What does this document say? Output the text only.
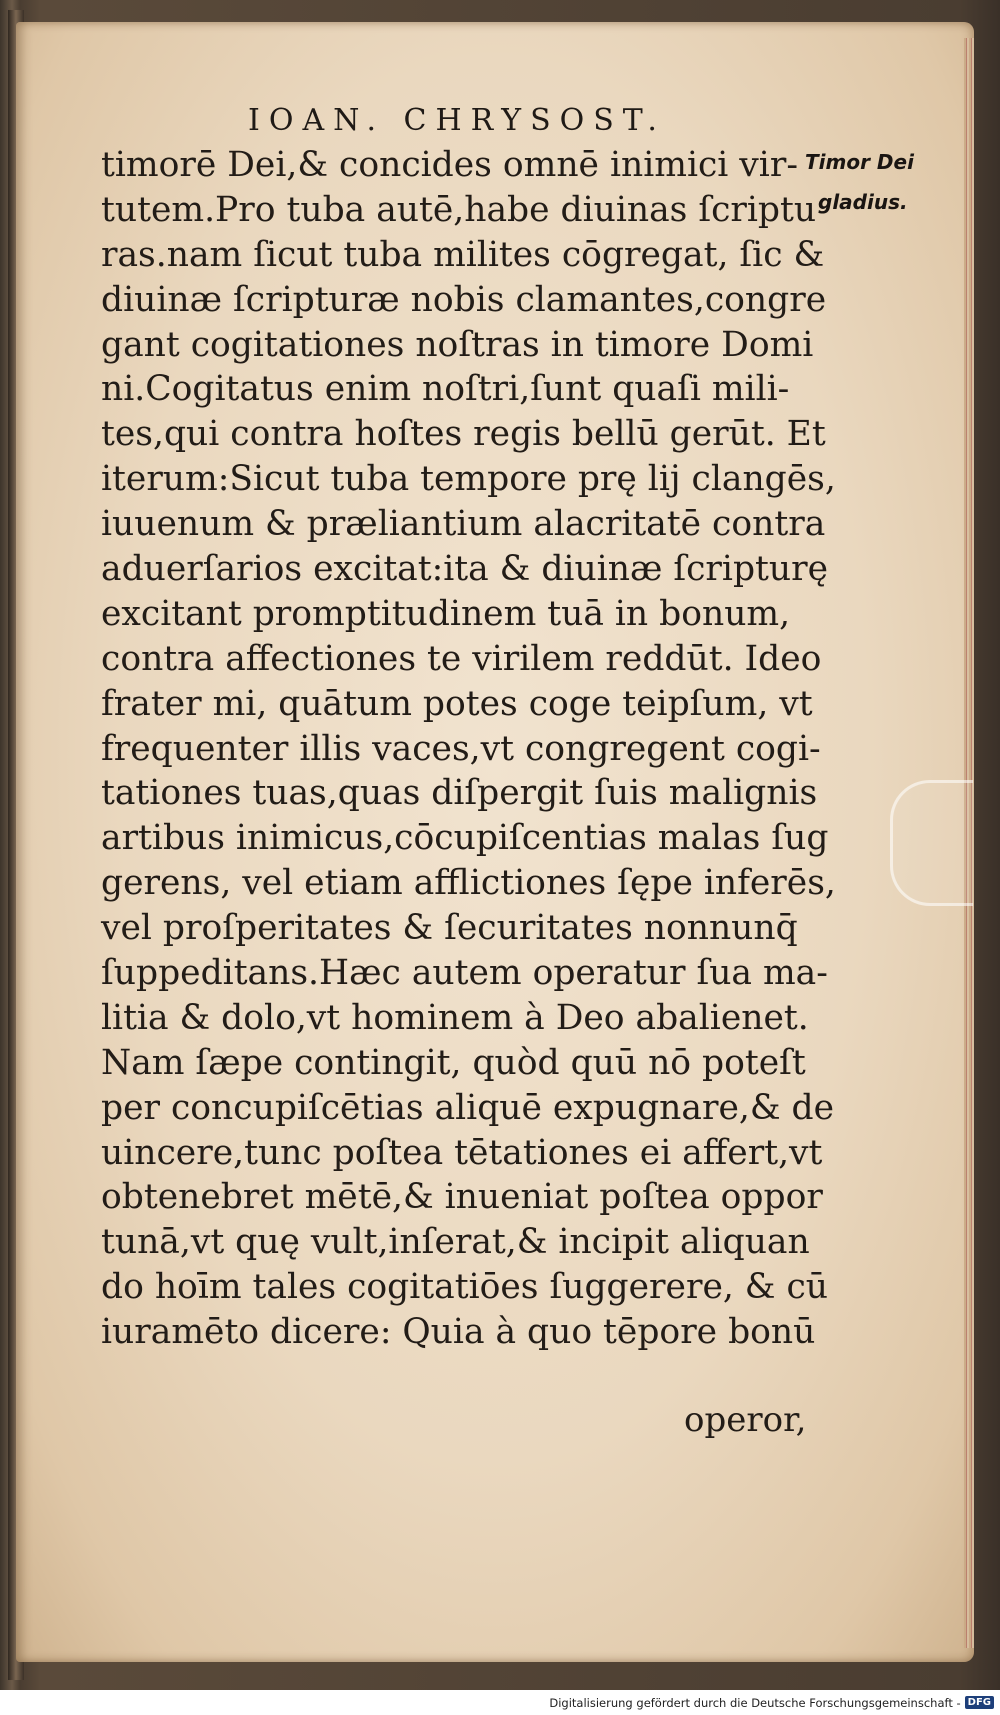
IOAN. CHRYSOST.
timorē Dei,& concides omnē inimici vir-
tutem.Pro tuba autē,habe diuinas ſcriptu
ras.nam ſicut tuba milites cōgregat, ſic &
diuinæ ſcripturæ nobis clamantes,congre
gant cogitationes noſtras in timore Domi
ni.Cogitatus enim noſtri,ſunt quaſi mili-
tes,qui contra hoſtes regis bellū gerūt. Et
iterum:Sicut tuba tempore prę lij clangēs,
iuuenum & præliantium alacritatē contra
aduerſarios excitat:ita & diuinæ ſcripturę
excitant promptitudinem tuā in bonum,
contra affectiones te virilem reddūt. Ideo
frater mi, quātum potes coge teipſum, vt
frequenter illis vaces,vt congregent cogi-
tationes tuas,quas diſpergit ſuis malignis
artibus inimicus,cōcupiſcentias malas ſug
gerens, vel etiam afflictiones ſępe inferēs,
vel proſperitates & ſecuritates nonnunq̄
ſuppeditans.Hæc autem operatur ſua ma-
litia & dolo,vt hominem à Deo abalienet.
Nam ſæpe contingit, quòd quū nō poteſt
per concupiſcētias aliquē expugnare,& de
uincere,tunc poſtea tētationes ei affert,vt
obtenebret mētē,& inueniat poſtea oppor
tunā,vt quę vult,inſerat,& incipit aliquan
do hoīm tales cogitatiōes ſuggerere, & cū
iuramēto dicere: Quia à quo tēpore bonū
operor,
Timor Dei
gladius.
Digitalisierung gefördert durch die Deutsche Forschungsgemeinschaft - DFG
